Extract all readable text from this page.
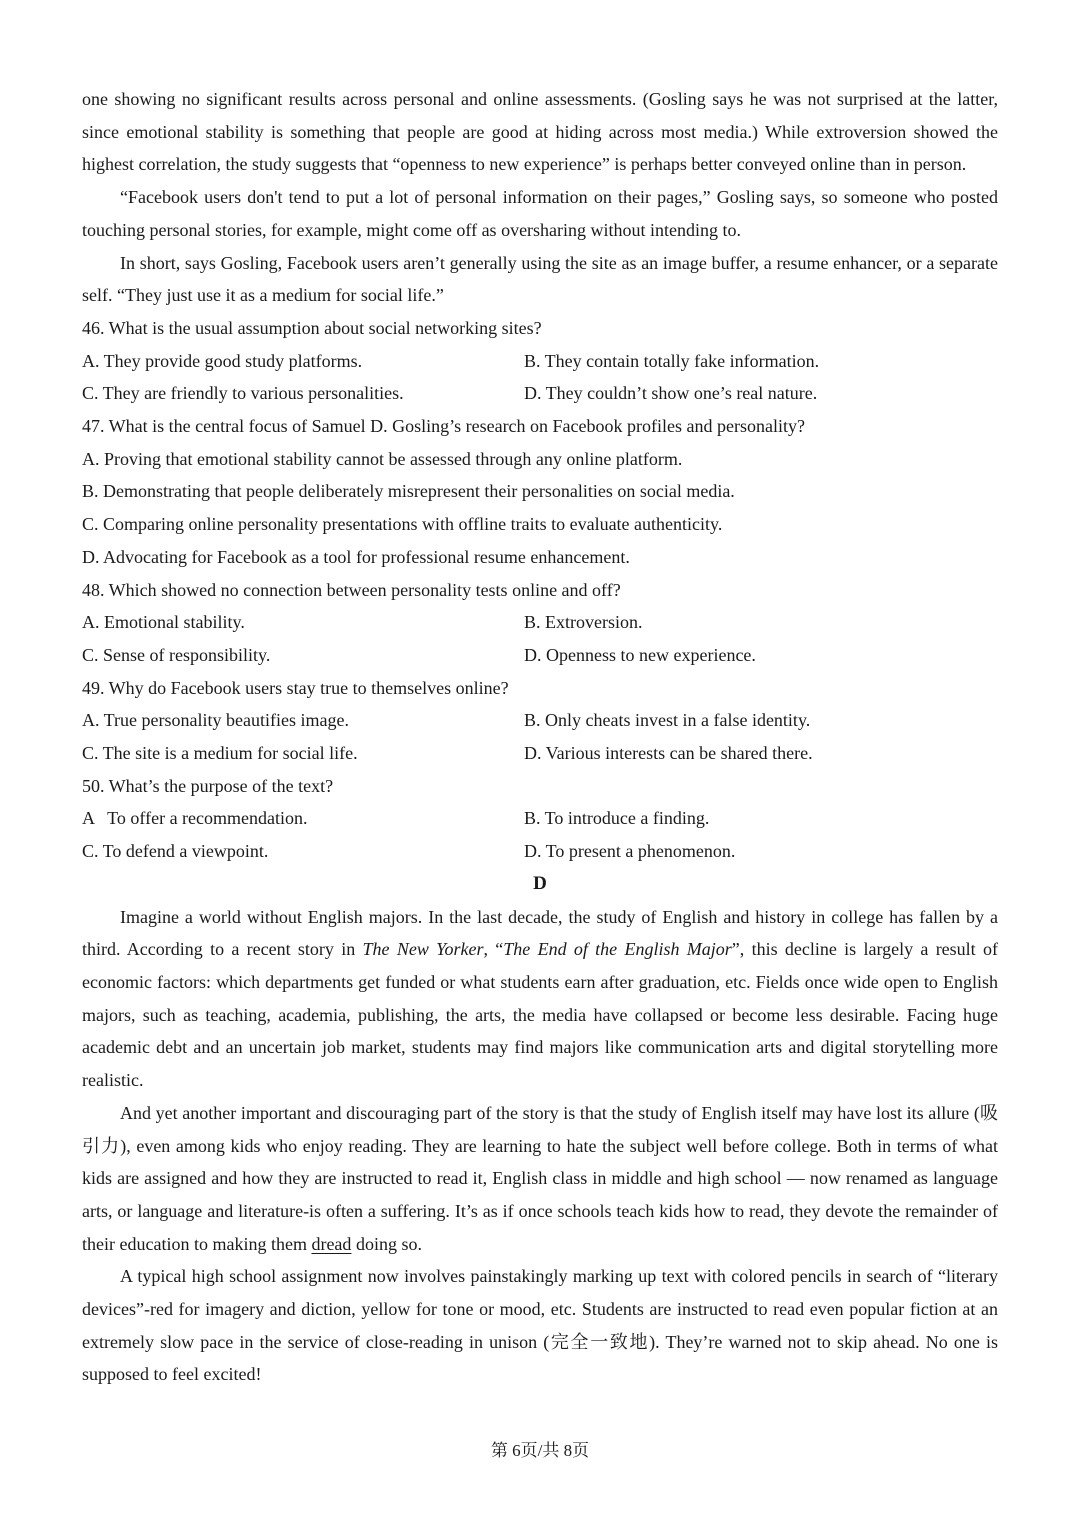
one showing no significant results across personal and online assessments. (Gosling says he was not surprised at the latter, since emotional stability is something that people are good at hiding across most media.) While extroversion showed the highest correlation, the study suggests that “openness to new experience” is perhaps better conveyed online than in person.

“Facebook users don't tend to put a lot of personal information on their pages,” Gosling says, so someone who posted touching personal stories, for example, might come off as oversharing without intending to.

In short, says Gosling, Facebook users aren’t generally using the site as an image buffer, a resume enhancer, or a separate self. “They just use it as a medium for social life.”

46. What is the usual assumption about social networking sites?
A. They provide good study platforms.	B. They contain totally fake information.
C. They are friendly to various personalities.	D. They couldn’t show one’s real nature.
47. What is the central focus of Samuel D. Gosling’s research on Facebook profiles and personality?
A. Proving that emotional stability cannot be assessed through any online platform.
B. Demonstrating that people deliberately misrepresent their personalities on social media.
C. Comparing online personality presentations with offline traits to evaluate authenticity.
D. Advocating for Facebook as a tool for professional resume enhancement.
48. Which showed no connection between personality tests online and off?
A. Emotional stability.	B. Extroversion.
C. Sense of responsibility.	D. Openness to new experience.
49. Why do Facebook users stay true to themselves online?
A. True personality beautifies image.	B. Only cheats invest in a false identity.
C. The site is a medium for social life.	D. Various interests can be shared there.
50. What’s the purpose of the text?
A   To offer a recommendation.	B. To introduce a finding.
C. To defend a viewpoint.	D. To present a phenomenon.
D

Imagine a world without English majors. In the last decade, the study of English and history in college has fallen by a third. According to a recent story in The New Yorker, “The End of the English Major”, this decline is largely a result of economic factors: which departments get funded or what students earn after graduation, etc. Fields once wide open to English majors, such as teaching, academia, publishing, the arts, the media have collapsed or become less desirable. Facing huge academic debt and an uncertain job market, students may find majors like communication arts and digital storytelling more realistic.

And yet another important and discouraging part of the story is that the study of English itself may have lost its allure (吸引力), even among kids who enjoy reading. They are learning to hate the subject well before college. Both in terms of what kids are assigned and how they are instructed to read it, English class in middle and high school — now renamed as language arts, or language and literature-is often a suffering. It’s as if once schools teach kids how to read, they devote the remainder of their education to making them dread doing so.

A typical high school assignment now involves painstakingly marking up text with colored pencils in search of “literary devices”-red for imagery and diction, yellow for tone or mood, etc. Students are instructed to read even popular fiction at an extremely slow pace in the service of close-reading in unison (完全一致地). They’re warned not to skip ahead. No one is supposed to feel excited!

第 6页/共 8页
